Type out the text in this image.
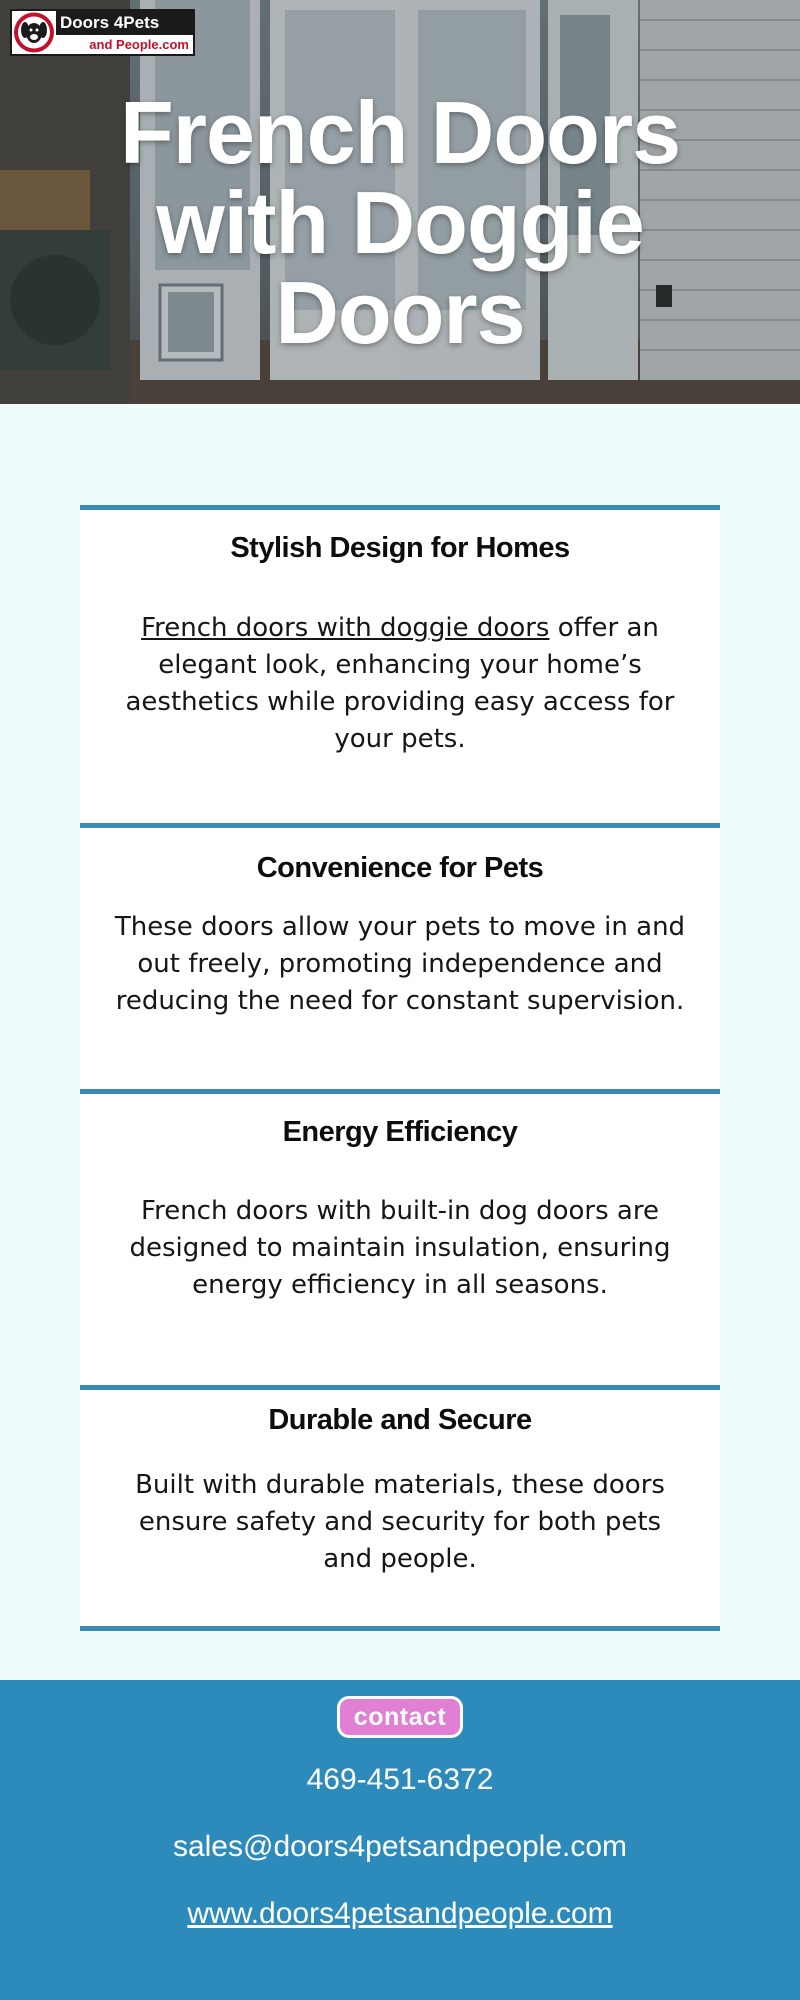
French Doors
with Doggie
Doors
Doors 4Pets
and People.com
Stylish Design for Homes

French doors with doggie doors offer an elegant look, enhancing your home’s aesthetics while providing easy access for your pets.

Convenience for Pets

These doors allow your pets to move in and out freely, promoting independence and reducing the need for constant supervision.

Energy Efficiency

French doors with built-in dog doors are designed to maintain insulation, ensuring energy efficiency in all seasons.

Durable and Secure

Built with durable materials, these doors ensure safety and security for both pets and people.

contact
469-451-6372
sales@doors4petsandpeople.com
www.doors4petsandpeople.com
